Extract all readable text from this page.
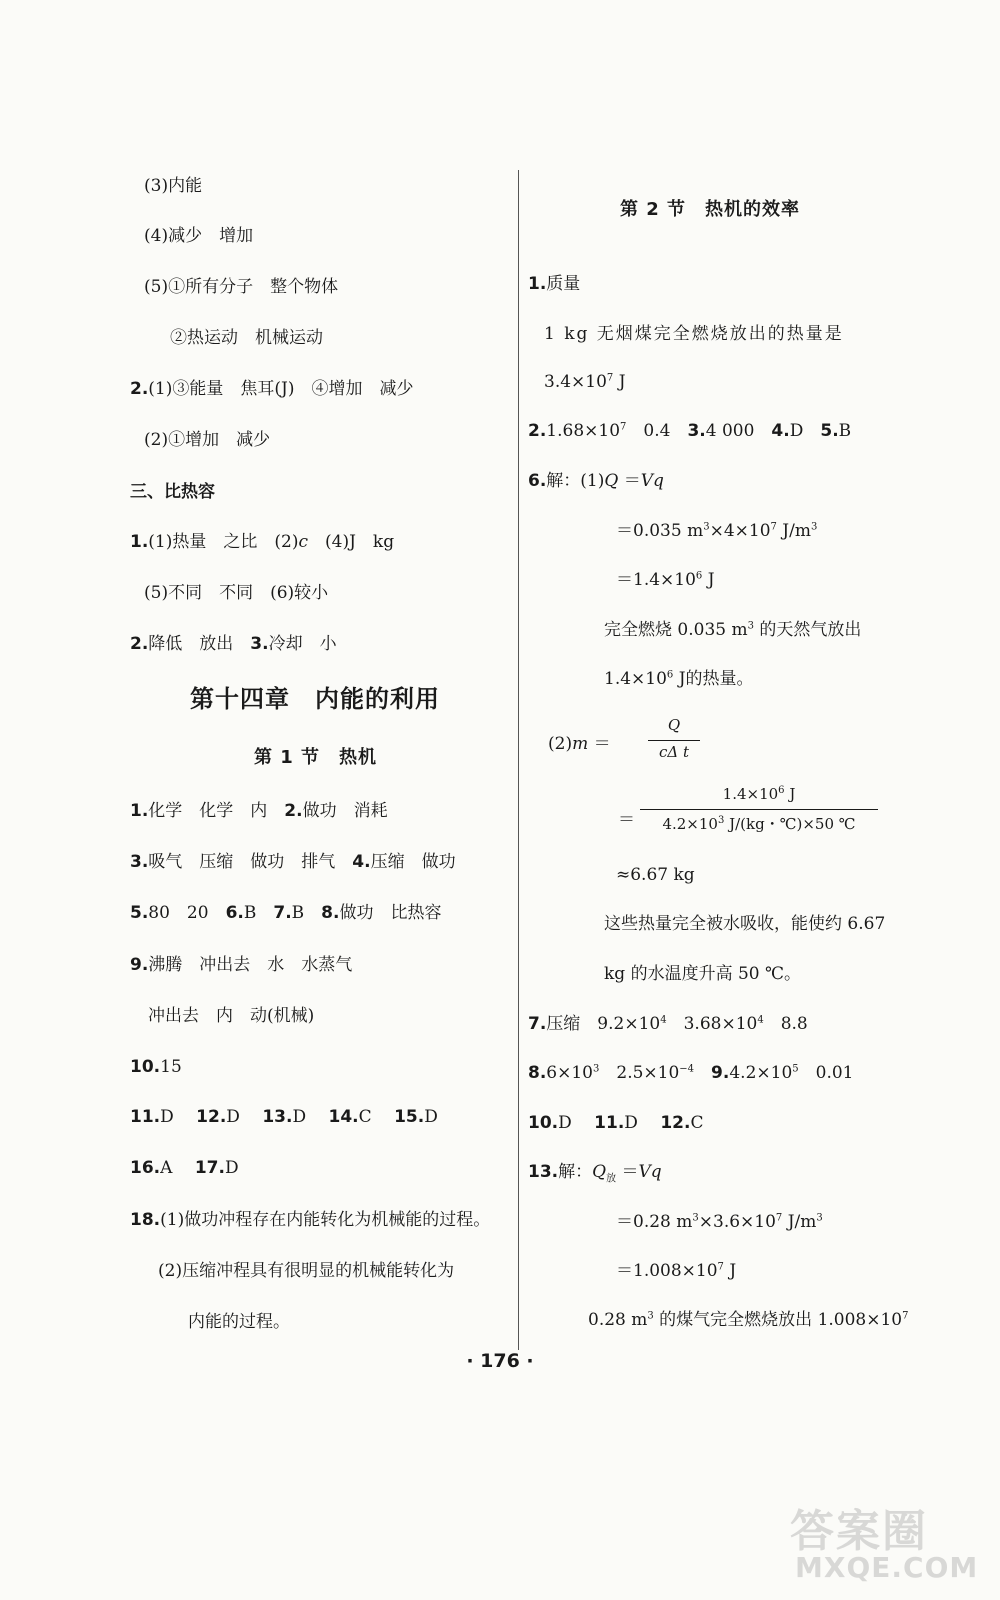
(3)内能
(4)减少　增加
(5)①所有分子　整个物体
②热运动　机械运动
2.(1)③能量　焦耳(J)　④增加　减少
(2)①增加　减少
三、比热容
1.(1)热量　之比　(2)c　(4)J　kg
(5)不同　不同　(6)较小
2.降低　放出　3.冷却　小
第十四章　内能的利用
第 1 节　热机
1.化学　化学　内　2.做功　消耗
3.吸气　压缩　做功　排气　4.压缩　做功
5.80　20　6.B　7.B　8.做功　比热容
9.沸腾　冲出去　水　水蒸气
冲出去　内　动(机械)
10.15
11.D　 12.D　 13.D　 14.C　 15.D
16.A　 17.D
18.(1)做功冲程存在内能转化为机械能的过程。
(2)压缩冲程具有很明显的机械能转化为
内能的过程。
第 2 节　热机的效率
1.质量
1 kg 无烟煤完全燃烧放出的热量是
$3.4\times 10^7$ J
$2.1.68\times 10^7$　0.4　3.4 000　4.D　5.B
6.解：(1)Q ＝Vq
＝0.035 $m^3\times 4\times 10^7$ $J/m^3$
$=1.4\times 10^6$ J
完全燃烧 0.035 $m^3$ 的天然气放出
$1.4\times 10^6$ J的热量。
(2)m ＝
Q
cΔ t
＝
$1.4\times 10^6$ J
$4.2\times 10^3$ J/(kg・℃)×50 ℃
≈6.67 kg
这些热量完全被水吸收，能使约 6.67
kg 的水温度升高 50 ℃。
7.压缩　$9.2\times 10^4$　$3.68\times 10^4$　8.8
$8.6\times 10^3$　$2.5\times 10^{-4}$　 $9.4.2\times 10^5$　0.01
10.D　 11.D　 12.C
13.解：$Q_放 =Vq$
＝0.28 $m^3\times 3.6\times 10^7$ $J/m^3$
$=1.008\times 10^7$ J
0.28 $m^3$ 的煤气完全燃烧放出 $1.008\times 10^7$
· 176 ·
答案圈
MXQE.COM
